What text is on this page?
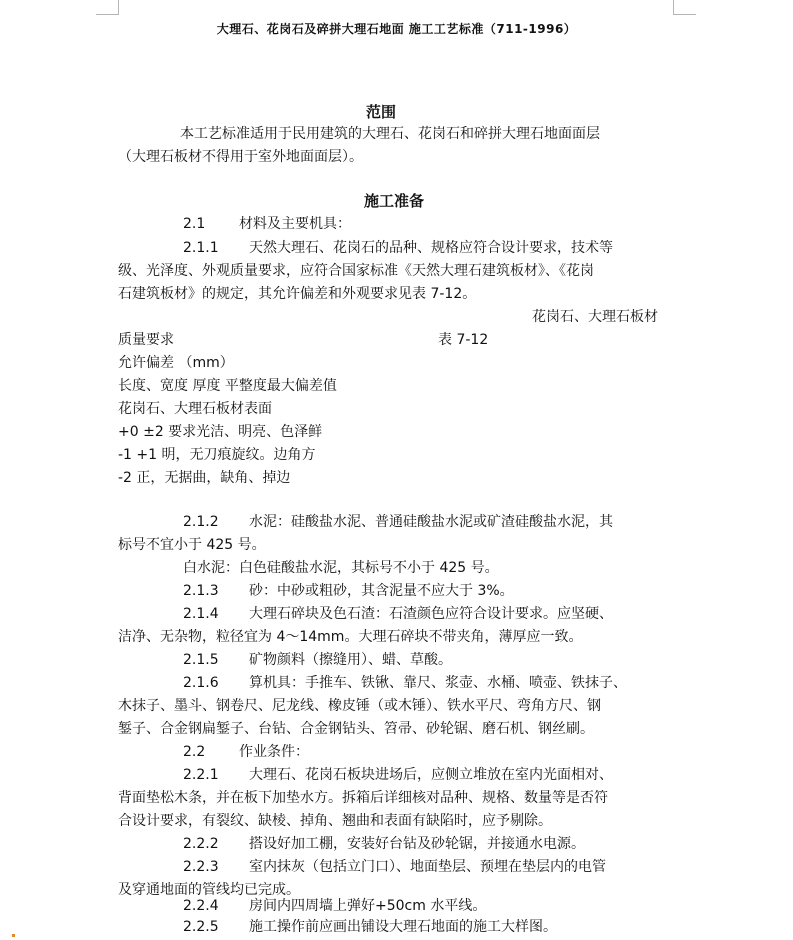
大理石、花岗石及碎拼大理石地面 施工工艺标准（711-1996）
范围
本工艺标准适用于民用建筑的大理石、花岗石和碎拼大理石地面面层
（大理石板材不得用于室外地面面层）。
施工准备
2.1 材料及主要机具：
2.1.1 天然大理石、花岗石的品种、规格应符合设计要求，技术等
级、光泽度、外观质量要求，应符合国家标准《天然大理石建筑板材》、《花岗
石建筑板材》的规定，其允许偏差和外观要求见表 7-12。
花岗石、大理石板材
质量要求	表 7-12
允许偏差 （mm）
长度、宽度 厚度 平整度最大偏差值
花岗石、大理石板材表面
+0 ±2 要求光洁、明亮、色泽鲜
-1 +1 明，无刀痕旋纹。边角方
-2 正，无据曲，缺角、掉边
2.1.2 水泥：硅酸盐水泥、普通硅酸盐水泥或矿渣硅酸盐水泥，其
标号不宜小于 425 号。
白水泥：白色硅酸盐水泥，其标号不小于 425 号。
2.1.3 砂：中砂或粗砂，其含泥量不应大于 3%。
2.1.4 大理石碎块及色石渣：石渣颜色应符合设计要求。应坚硬、
洁净、无杂物，粒径宜为 4～14mm。大理石碎块不带夹角，薄厚应一致。
2.1.5 矿物颜料（擦缝用）、蜡、草酸。
2.1.6 算机具：手推车、铁锹、靠尺、浆壶、水桶、喷壶、铁抹子、
木抹子、墨斗、钢卷尺、尼龙线、橡皮锤（或木锤）、铁水平尺、弯角方尺、钢
錾子、合金钢扁錾子、台钻、合金钢钻头、笤帚、砂轮锯、磨石机、钢丝刷。
2.2 作业条件：
2.2.1 大理石、花岗石板块进场后，应侧立堆放在室内光面相对、
背面垫松木条，并在板下加垫水方。拆箱后详细核对品种、规格、数量等是否符
合设计要求，有裂纹、缺棱、掉角、翘曲和表面有缺陷时，应予剔除。
2.2.2 搭设好加工棚，安装好台钻及砂轮锯，并接通水电源。
2.2.3 室内抹灰（包括立门口）、地面垫层、预埋在垫层内的电管
及穿通地面的管线均已完成。
2.2.4 房间内四周墙上弹好+50cm 水平线。
2.2.5 施工操作前应画出铺设大理石地面的施工大样图。
